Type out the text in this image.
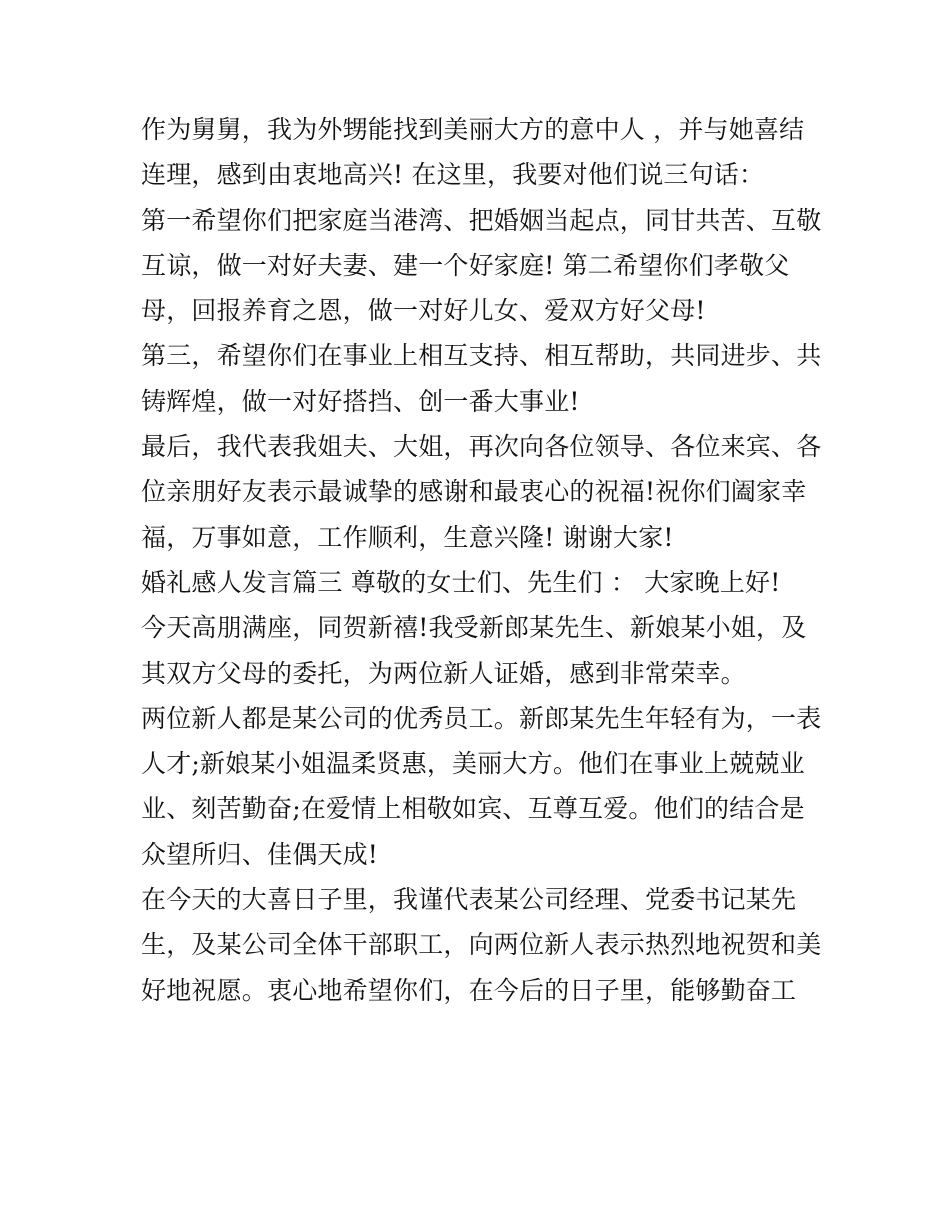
作为舅舅，我为外甥能找到美丽大方的意中人 ，并与她喜结

连理，感到由衷地高兴! 在这里，我要对他们说三句话：

第一希望你们把家庭当港湾、把婚姻当起点，同甘共苦、互敬

互谅，做一对好夫妻、建一个好家庭! 第二希望你们孝敬父

母，回报养育之恩，做一对好儿女、爱双方好父母!

第三，希望你们在事业上相互支持、相互帮助，共同进步、共

铸辉煌，做一对好搭挡、创一番大事业!

最后，我代表我姐夫、大姐，再次向各位领导、各位来宾、各

位亲朋好友表示最诚挚的感谢和最衷心的祝福!祝你们阖家幸

福，万事如意，工作顺利，生意兴隆! 谢谢大家!

婚礼感人发言篇三 尊敬的女士们、先生们 ： 大家晚上好!

今天高朋满座，同贺新禧!我受新郎某先生、新娘某小姐，及

其双方父母的委托，为两位新人证婚，感到非常荣幸。

两位新人都是某公司的优秀员工。新郎某先生年轻有为，一表

人才;新娘某小姐温柔贤惠，美丽大方。他们在事业上兢兢业

业、刻苦勤奋;在爱情上相敬如宾、互尊互爱。他们的结合是

众望所归、佳偶天成!

在今天的大喜日子里，我谨代表某公司经理、党委书记某先

生，及某公司全体干部职工，向两位新人表示热烈地祝贺和美

好地祝愿。衷心地希望你们，在今后的日子里，能够勤奋工
